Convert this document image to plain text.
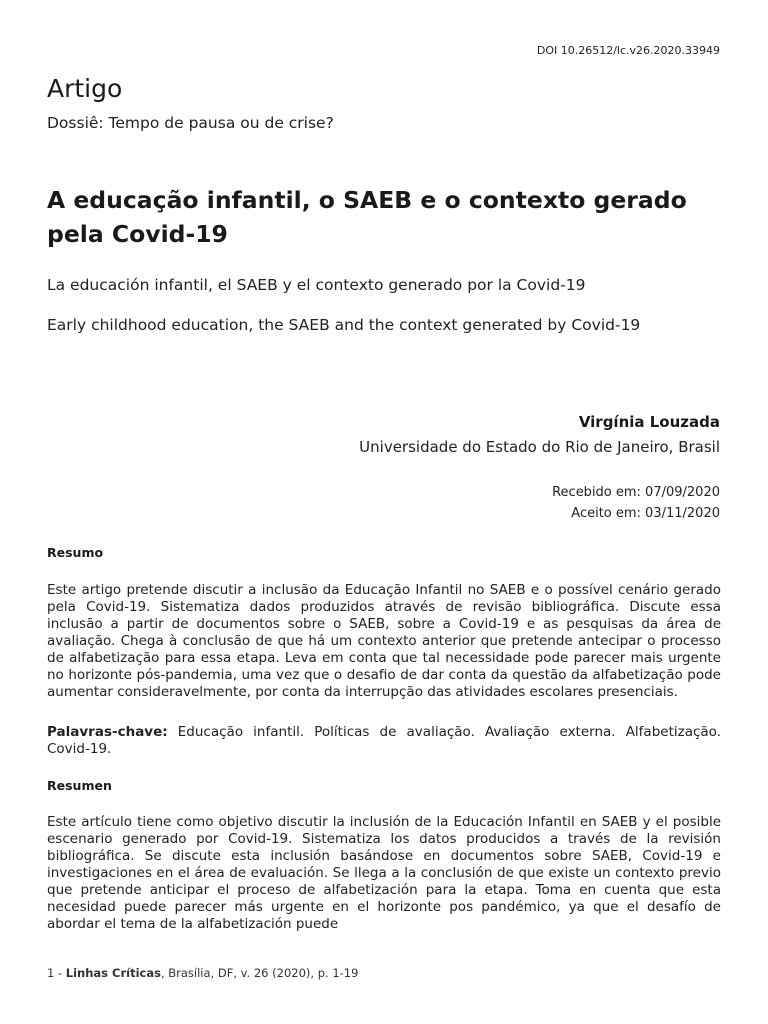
DOI 10.26512/lc.v26.2020.33949
Artigo
Dossiê: Tempo de pausa ou de crise?
A educação infantil, o SAEB e o contexto gerado pela Covid-19

La educación infantil, el SAEB y el contexto generado por la Covid-19

Early childhood education, the SAEB and the context generated by Covid-19

Virgínia Louzada
Universidade do Estado do Rio de Janeiro, Brasil
Recebido em: 07/09/2020
Aceito em: 03/11/2020
Resumo

Este artigo pretende discutir a inclusão da Educação Infantil no SAEB e o possível cenário gerado pela Covid-19. Sistematiza dados produzidos através de revisão bibliográfica. Discute essa inclusão a partir de documentos sobre o SAEB, sobre a Covid-19 e as pesquisas da área de avaliação. Chega à conclusão de que há um contexto anterior que pretende antecipar o processo de alfabetização para essa etapa. Leva em conta que tal necessidade pode parecer mais urgente no horizonte pós-pandemia, uma vez que o desafio de dar conta da questão da alfabetização pode aumentar consideravelmente, por conta da interrupção das atividades escolares presenciais.

Palavras-chave: Educação infantil. Políticas de avaliação. Avaliação externa. Alfabetização. Covid-19.

Resumen

Este artículo tiene como objetivo discutir la inclusión de la Educación Infantil en SAEB y el posible escenario generado por Covid-19. Sistematiza los datos producidos a través de la revisión bibliográfica. Se discute esta inclusión basándose en documentos sobre SAEB, Covid-19 e investigaciones en el área de evaluación. Se llega a la conclusión de que existe un contexto previo que pretende anticipar el proceso de alfabetización para la etapa. Toma en cuenta que esta necesidad puede parecer más urgente en el horizonte pos pandémico, ya que el desafío de abordar el tema de la alfabetización puede

1 - Linhas Críticas, Brasília, DF, v. 26 (2020), p. 1-19
